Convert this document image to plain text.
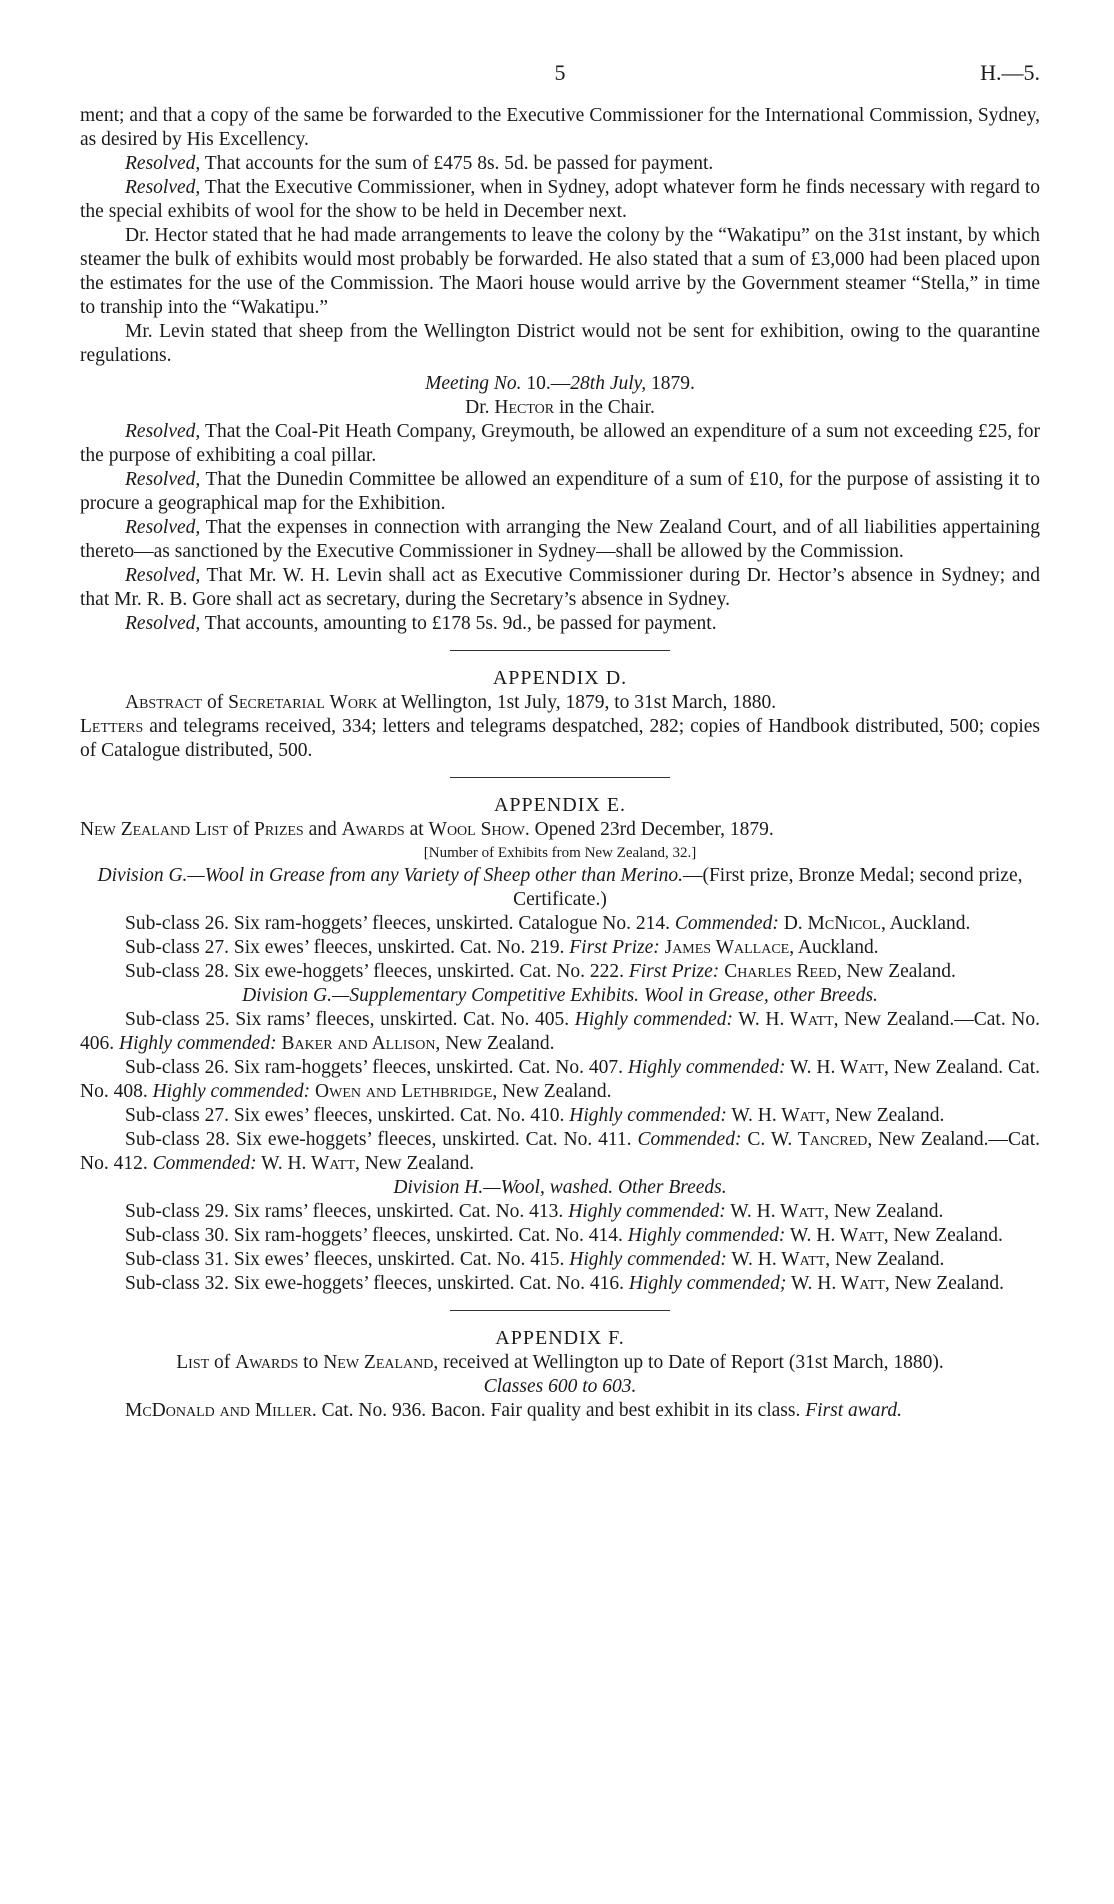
5	H.—5.

ment; and that a copy of the same be forwarded to the Executive Commissioner for the International Commission, Sydney, as desired by His Excellency.

Resolved, That accounts for the sum of £475 8s. 5d. be passed for payment.

Resolved, That the Executive Commissioner, when in Sydney, adopt whatever form he finds necessary with regard to the special exhibits of wool for the show to be held in December next.

Dr. Hector stated that he had made arrangements to leave the colony by the “Wakatipu” on the 31st instant, by which steamer the bulk of exhibits would most probably be forwarded. He also stated that a sum of £3,000 had been placed upon the estimates for the use of the Commission. The Maori house would arrive by the Government steamer “Stella,” in time to tranship into the “Wakatipu.”

Mr. Levin stated that sheep from the Wellington District would not be sent for exhibition, owing to the quarantine regulations.

Meeting No. 10.—28th July, 1879.

Dr. Hector in the Chair.

Resolved, That the Coal-Pit Heath Company, Greymouth, be allowed an expenditure of a sum not exceeding £25, for the purpose of exhibiting a coal pillar.

Resolved, That the Dunedin Committee be allowed an expenditure of a sum of £10, for the purpose of assisting it to procure a geographical map for the Exhibition.

Resolved, That the expenses in connection with arranging the New Zealand Court, and of all liabilities appertaining thereto—as sanctioned by the Executive Commissioner in Sydney—shall be allowed by the Commission.

Resolved, That Mr. W. H. Levin shall act as Executive Commissioner during Dr. Hector’s absence in Sydney; and that Mr. R. B. Gore shall act as secretary, during the Secretary’s absence in Sydney.

Resolved, That accounts, amounting to £178 5s. 9d., be passed for payment.

APPENDIX D.

Abstract of Secretarial Work at Wellington, 1st July, 1879, to 31st March, 1880.

Letters and telegrams received, 334; letters and telegrams despatched, 282; copies of Handbook distributed, 500; copies of Catalogue distributed, 500.

APPENDIX E.

New Zealand List of Prizes and Awards at Wool Show. Opened 23rd December, 1879.

[Number of Exhibits from New Zealand, 32.]

Division G.—Wool in Grease from any Variety of Sheep other than Merino.—(First prize, Bronze Medal; second prize, Certificate.)

Sub-class 26. Six ram-hoggets’ fleeces, unskirted. Catalogue No. 214. Commended: D. McNicol, Auckland.

Sub-class 27. Six ewes’ fleeces, unskirted. Cat. No. 219. First Prize: James Wallace, Auckland.

Sub-class 28. Six ewe-hoggets’ fleeces, unskirted. Cat. No. 222. First Prize: Charles Reed, New Zealand.

Division G.—Supplementary Competitive Exhibits. Wool in Grease, other Breeds.

Sub-class 25. Six rams’ fleeces, unskirted. Cat. No. 405. Highly commended: W. H. Watt, New Zealand.—Cat. No. 406. Highly commended: Baker and Allison, New Zealand.

Sub-class 26. Six ram-hoggets’ fleeces, unskirted. Cat. No. 407. Highly commended: W. H. Watt, New Zealand. Cat. No. 408. Highly commended: Owen and Lethbridge, New Zealand.

Sub-class 27. Six ewes’ fleeces, unskirted. Cat. No. 410. Highly commended: W. H. Watt, New Zealand.

Sub-class 28. Six ewe-hoggets’ fleeces, unskirted. Cat. No. 411. Commended: C. W. Tancred, New Zealand.—Cat. No. 412. Commended: W. H. Watt, New Zealand.

Division H.—Wool, washed. Other Breeds.

Sub-class 29. Six rams’ fleeces, unskirted. Cat. No. 413. Highly commended: W. H. Watt, New Zealand.

Sub-class 30. Six ram-hoggets’ fleeces, unskirted. Cat. No. 414. Highly commended: W. H. Watt, New Zealand.

Sub-class 31. Six ewes’ fleeces, unskirted. Cat. No. 415. Highly commended: W. H. Watt, New Zealand.

Sub-class 32. Six ewe-hoggets’ fleeces, unskirted. Cat. No. 416. Highly commended; W. H. Watt, New Zealand.

APPENDIX F.

List of Awards to New Zealand, received at Wellington up to Date of Report (31st March, 1880).

Classes 600 to 603.

McDonald and Miller. Cat. No. 936. Bacon. Fair quality and best exhibit in its class. First award.
